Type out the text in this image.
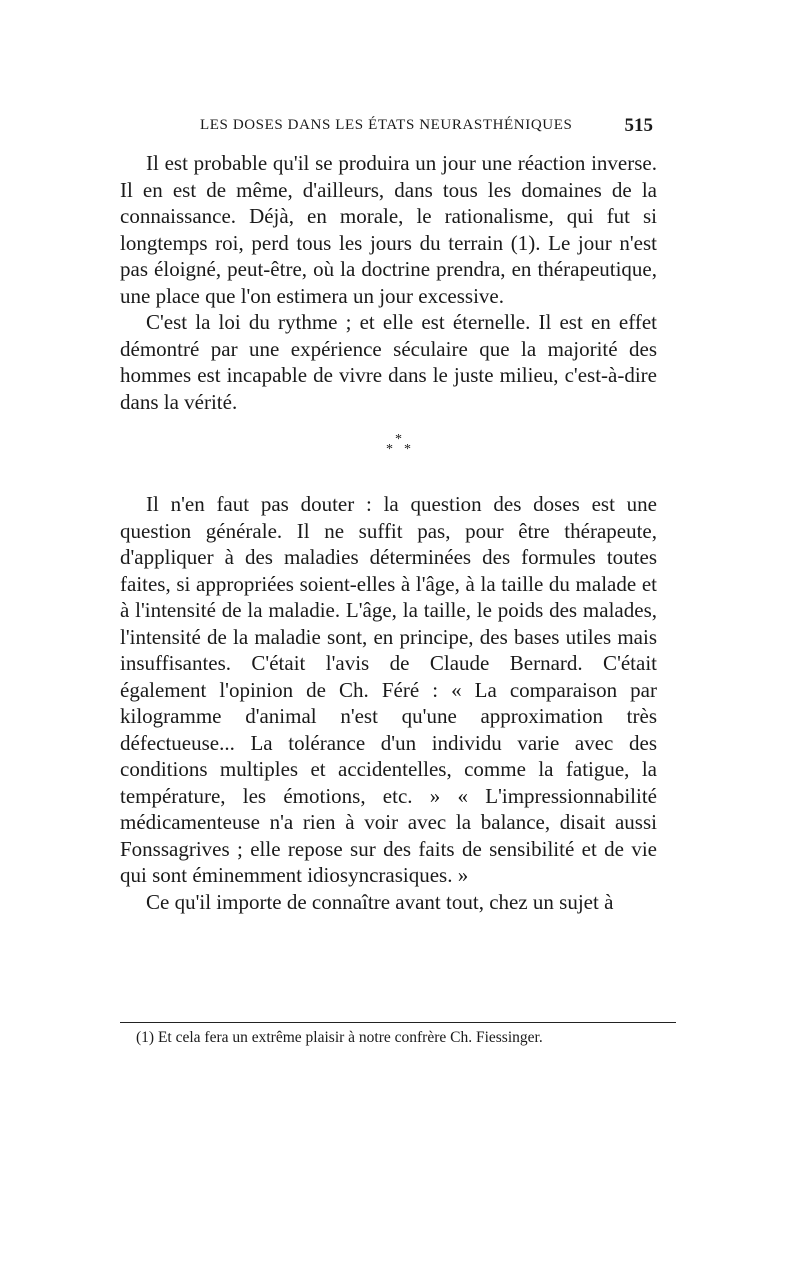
LES DOSES DANS LES ÉTATS NEURASTHÉNIQUES	515

Il est probable qu'il se produira un jour une réaction inverse. Il en est de même, d'ailleurs, dans tous les domaines de la connaissance. Déjà, en morale, le rationalisme, qui fut si longtemps roi, perd tous les jours du terrain (1). Le jour n'est pas éloigné, peut-être, où la doctrine prendra, en thérapeutique, une place que l'on estimera un jour excessive.

C'est la loi du rythme ; et elle est éternelle. Il est en effet démontré par une expérience séculaire que la majorité des hommes est incapable de vivre dans le juste milieu, c'est-à-dire dans la vérité.

*
* *

Il n'en faut pas douter : la question des doses est une question générale. Il ne suffit pas, pour être thérapeute, d'appliquer à des maladies déterminées des formules toutes faites, si appropriées soient-elles à l'âge, à la taille du malade et à l'intensité de la maladie. L'âge, la taille, le poids des malades, l'intensité de la maladie sont, en principe, des bases utiles mais insuffisantes. C'était l'avis de Claude Bernard. C'était également l'opinion de Ch. Féré : « La comparaison par kilogramme d'animal n'est qu'une approximation très défectueuse... La tolérance d'un individu varie avec des conditions multiples et accidentelles, comme la fatigue, la température, les émotions, etc. » « L'impressionnabilité médicamenteuse n'a rien à voir avec la balance, disait aussi Fonssagrives ; elle repose sur des faits de sensibilité et de vie qui sont éminemment idiosyncrasiques. »

Ce qu'il importe de connaître avant tout, chez un sujet à

(1) Et cela fera un extrême plaisir à notre confrère Ch. Fiessinger.
